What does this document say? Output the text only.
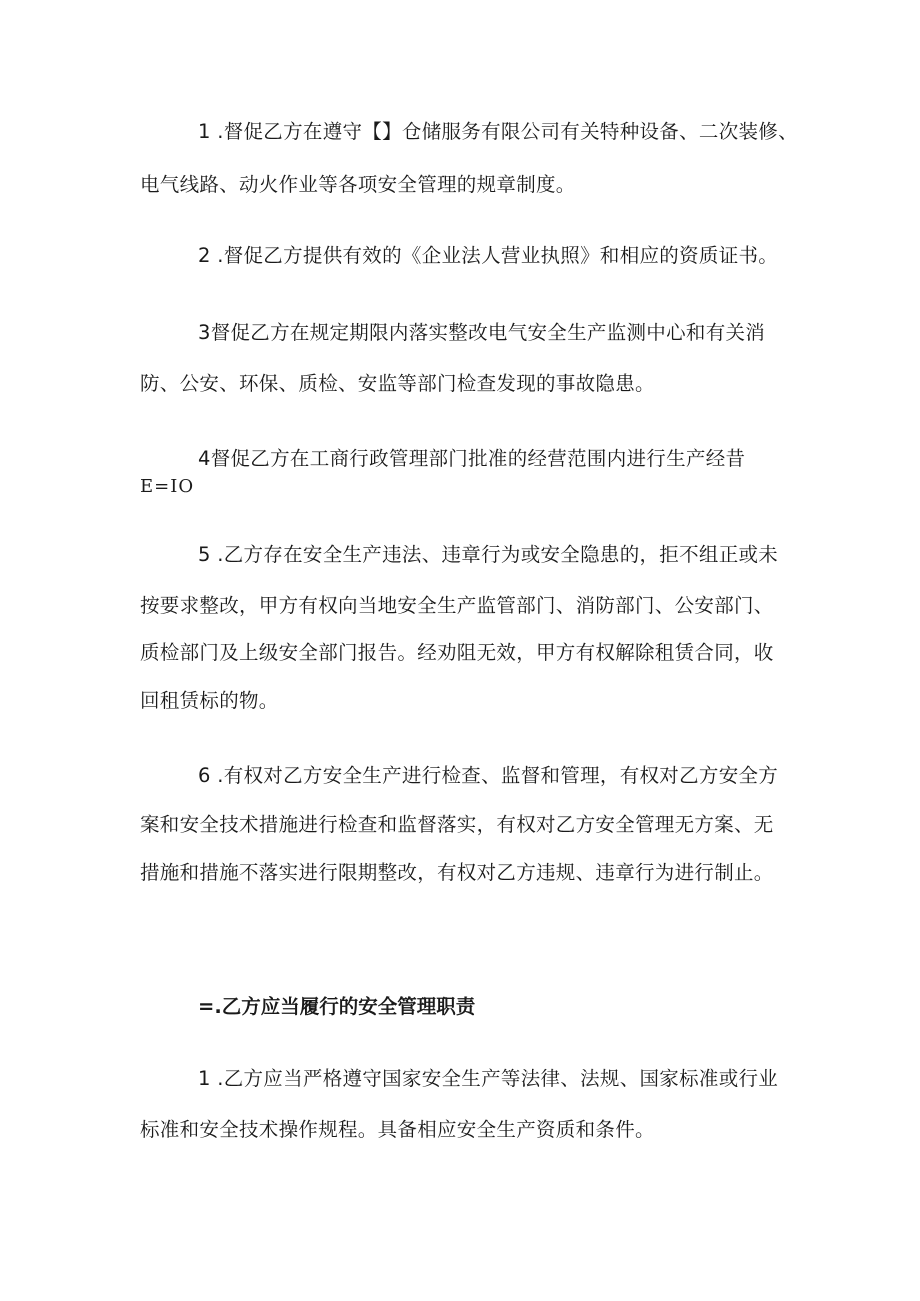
1 .督促乙方在遵守【】仓储服务有限公司有关特种设备、二次装修、
电气线路、动火作业等各项安全管理的规章制度。
2 .督促乙方提供有效的《企业法人营业执照》和相应的资质证书。
3督促乙方在规定期限内落实整改电气安全生产监测中心和有关消
防、公安、环保、质检、安监等部门检查发现的事故隐患。
4督促乙方在工商行政管理部门批准的经营范围内进行生产经昔
E=IO
5 .乙方存在安全生产违法、违章行为或安全隐患的，拒不组正或未
按要求整改，甲方有权向当地安全生产监管部门、消防部门、公安部门、
质检部门及上级安全部门报告。经劝阻无效，甲方有权解除租赁合同，收
回租赁标的物。
6 .有权对乙方安全生产进行检查、监督和管理，有权对乙方安全方
案和安全技术措施进行检查和监督落实，有权对乙方安全管理无方案、无
措施和措施不落实进行限期整改，有权对乙方违规、违章行为进行制止。
=.乙方应当履行的安全管理职责
1 .乙方应当严格遵守国家安全生产等法律、法规、国家标准或行业
标准和安全技术操作规程。具备相应安全生产资质和条件。
